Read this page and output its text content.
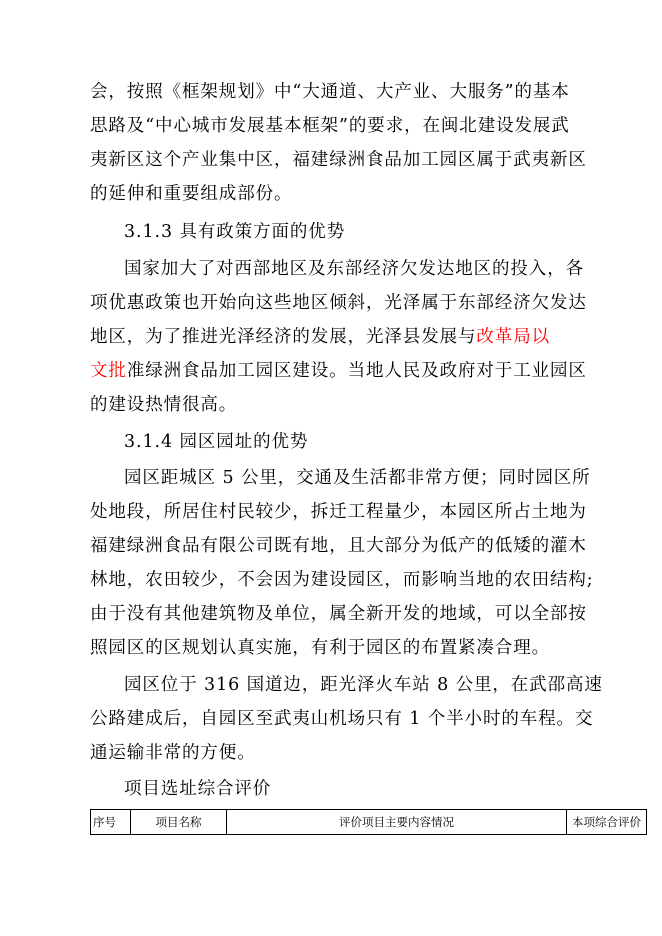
会，按照《框架规划》中“大通道、大产业、大服务”的基本
思路及“中心城市发展基本框架”的要求，在闽北建设发展武
夷新区这个产业集中区，福建绿洲食品加工园区属于武夷新区
的延伸和重要组成部份。
3.1.3 具有政策方面的优势
国家加大了对西部地区及东部经济欠发达地区的投入，各
项优惠政策也开始向这些地区倾斜，光泽属于东部经济欠发达
地区，为了推进光泽经济的发展，光泽县发展与改革局以
文批准绿洲食品加工园区建设。当地人民及政府对于工业园区
的建设热情很高。
3.1.4 园区园址的优势
园区距城区 5 公里，交通及生活都非常方便；同时园区所
处地段，所居住村民较少，拆迁工程量少，本园区所占土地为
福建绿洲食品有限公司既有地，且大部分为低产的低矮的灌木
林地，农田较少，不会因为建设园区，而影响当地的农田结构;
由于没有其他建筑物及单位，属全新开发的地域，可以全部按
照园区的区规划认真实施，有利于园区的布置紧凑合理。
园区位于 316 国道边，距光泽火车站 8 公里，在武邵高速
公路建成后，自园区至武夷山机场只有 1 个半小时的车程。交
通运输非常的方便。
项目选址综合评价
序号	项目名称	评价项目主要内容情况	本项综合评价
